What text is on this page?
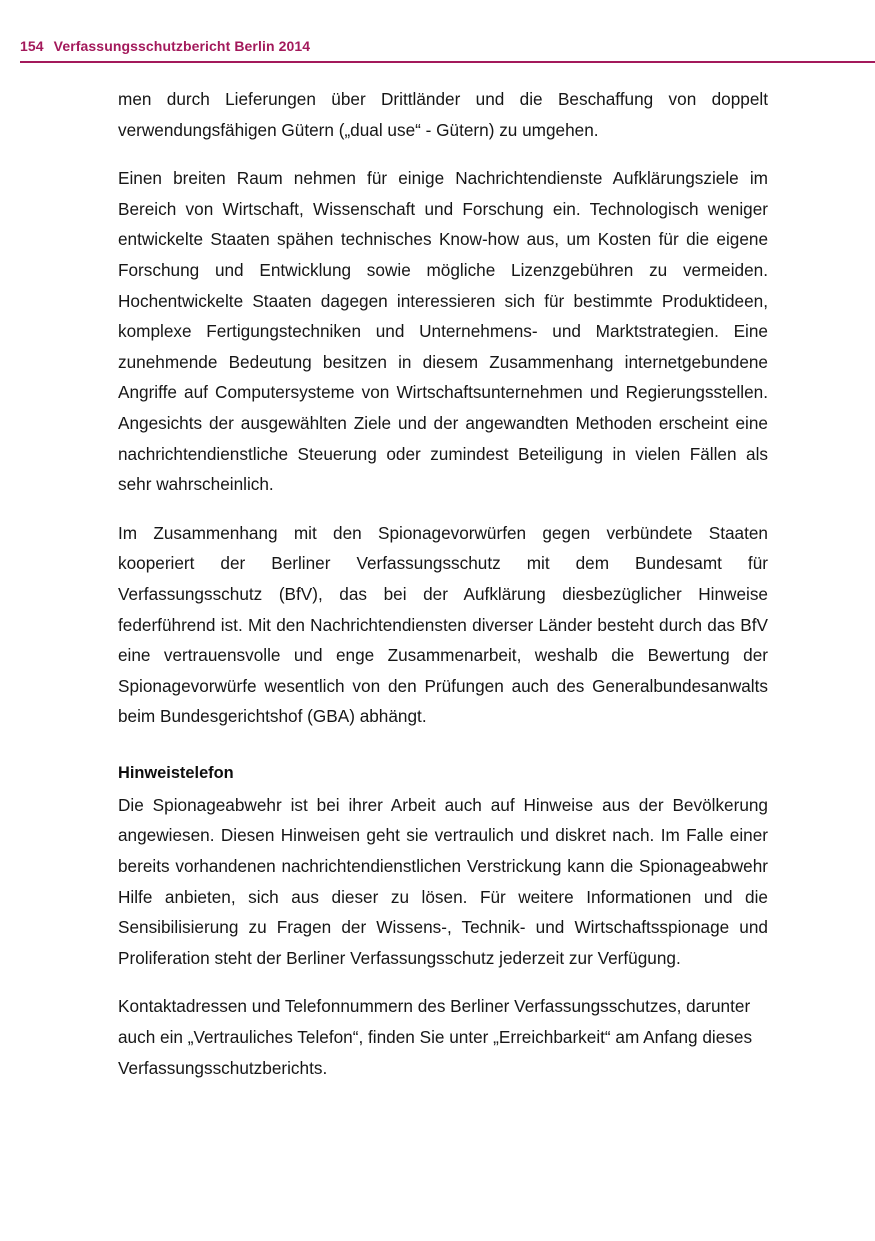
154 Verfassungsschutzbericht Berlin 2014

men durch Lieferungen über Drittländer und die Beschaffung von doppelt verwendungsfähigen Gütern („dual use“ - Gütern) zu umgehen.

Einen breiten Raum nehmen für einige Nachrichtendienste Aufklärungsziele im Bereich von Wirtschaft, Wissenschaft und Forschung ein. Technologisch weniger entwickelte Staaten spähen technisches Know-how aus, um Kosten für die eigene Forschung und Entwicklung sowie mögliche Lizenzgebühren zu vermeiden. Hochentwickelte Staaten dagegen interessieren sich für bestimmte Produktideen, komplexe Fertigungstechniken und Unternehmens- und Marktstrategien. Eine zunehmende Bedeutung besitzen in diesem Zusammenhang internetgebundene Angriffe auf Computersysteme von Wirtschaftsunternehmen und Regierungsstellen. Angesichts der ausgewählten Ziele und der angewandten Methoden erscheint eine nachrichtendienstliche Steuerung oder zumindest Beteiligung in vielen Fällen als sehr wahrscheinlich.

Im Zusammenhang mit den Spionagevorwürfen gegen verbündete Staaten kooperiert der Berliner Verfassungsschutz mit dem Bundesamt für Verfassungsschutz (BfV), das bei der Aufklärung diesbezüglicher Hinweise federführend ist. Mit den Nachrichtendiensten diverser Länder besteht durch das BfV eine vertrauensvolle und enge Zusammenarbeit, weshalb die Bewertung der Spionagevorwürfe wesentlich von den Prüfungen auch des Generalbundesanwalts beim Bundesgerichtshof (GBA) abhängt.

Hinweistelefon

Die Spionageabwehr ist bei ihrer Arbeit auch auf Hinweise aus der Bevölkerung angewiesen. Diesen Hinweisen geht sie vertraulich und diskret nach. Im Falle einer bereits vorhandenen nachrichtendienstlichen Verstrickung kann die Spionageabwehr Hilfe anbieten, sich aus dieser zu lösen. Für weitere Informationen und die Sensibilisierung zu Fragen der Wissens-, Technik- und Wirtschaftsspionage und Proliferation steht der Berliner Verfassungsschutz jederzeit zur Verfügung.

Kontaktadressen und Telefonnummern des Berliner Verfassungsschutzes, darunter auch ein „Vertrauliches Telefon“, finden Sie unter „Erreichbarkeit“ am Anfang dieses Verfassungsschutzberichts.
